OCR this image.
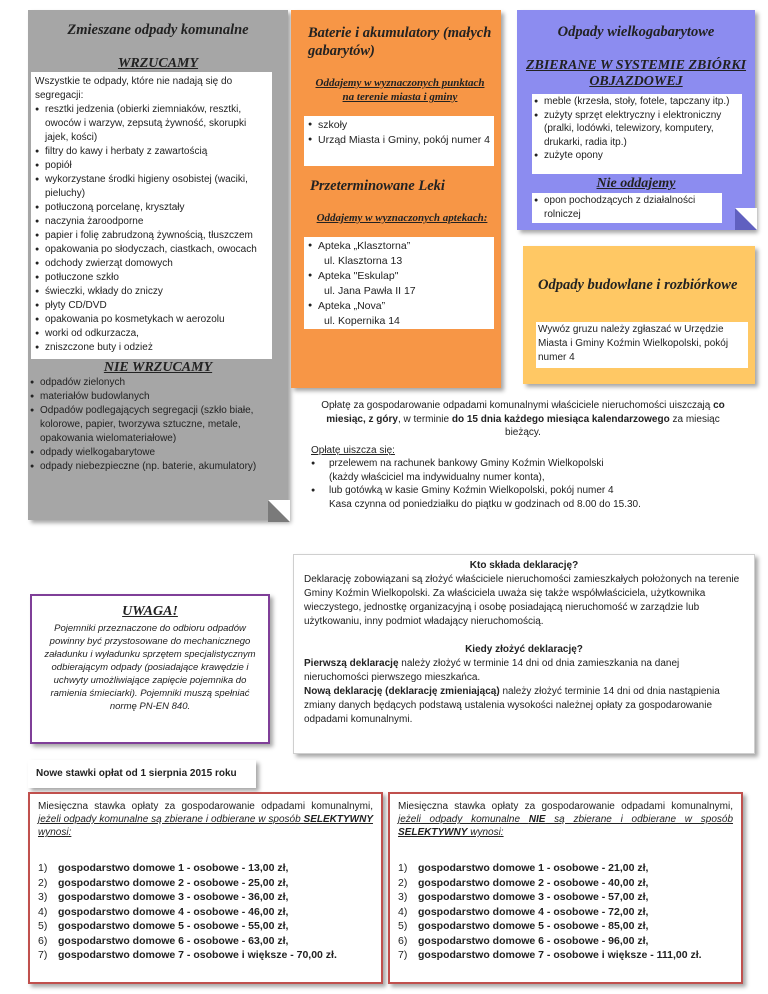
Zmieszane odpady komunalne
WRZUCAMY
Wszystkie te odpady, które nie nadają się do segregacji:
● resztki jedzenia (obierki ziemniaków, resztki, owoców i warzyw, zepsutą żywność, skorupki jajek, kości)
● filtry do kawy i herbaty z zawartością
● popiół
● wykorzystane środki higieny osobistej (waciki, pieluchy)
● potłuczoną porcelanę, kryształy
● naczynia żaroodporne
● papier i folię zabrudzoną żywnością, tłuszczem
● opakowania po słodyczach, ciastkach, owocach
● odchody zwierząt domowych
● potłuczone szkło
● świeczki, wkłady do zniczy
● płyty CD/DVD
● opakowania po kosmetykach w aerozolu
● worki od odkurzacza,
● zniszczone buty i odzież
NIE WRZUCAMY
● odpadów zielonych
● materiałów budowlanych
● Odpadów podlegających segregacji (szkło białe, kolorowe, papier, tworzywa sztuczne, metale, opakowania wielomateriałowe)
● odpady wielkogabarytowe
● odpady niebezpieczne (np. baterie, akumulatory)
Baterie i akumulatory (małych gabarytów)
Oddajemy w wyznaczonych punktach na terenie miasta i gminy
● szkoły
● Urząd Miasta i Gminy, pokój numer 4
Przeterminowane Leki
Oddajemy w wyznaczonych aptekach:
● Apteka „Klasztorna”
ul. Klasztorna 13
● Apteka "Eskulap"
ul. Jana Pawła II 17
● Apteka „Nova”
ul. Kopernika 14
Odpady wielkogabarytowe
ZBIERANE W SYSTEMIE ZBIÓRKI OBJAZDOWEJ
● meble (krzesła, stoły, fotele, tapczany itp.)
● zużyty sprzęt elektryczny i elektroniczny (pralki, lodówki, telewizory, komputery, drukarki, radia itp.)
● zużyte opony
Nie oddajemy
● opon pochodzących z działalności rolniczej
Odpady budowlane i rozbiórkowe
Wywóz gruzu należy zgłaszać w Urzędzie Miasta i Gminy Koźmin Wielkopolski, pokój numer 4
Opłatę za gospodarowanie odpadami komunalnymi właściciele nieruchomości uiszczają co miesiąc, z góry, w terminie do 15 dnia każdego miesiąca kalendarzowego za miesiąc bieżący.
Opłatę uiszcza się:
● przelewem na rachunek bankowy Gminy Koźmin Wielkopolski
(każdy właściciel ma indywidualny numer konta),
● lub gotówką w kasie Gminy Koźmin Wielkopolski, pokój numer 4
Kasa czynna od poniedziałku do piątku w godzinach od 8.00 do 15.30.
Kto składa deklarację?
Deklarację zobowiązani są złożyć właściciele nieruchomości zamieszkałych położonych na terenie Gminy Koźmin Wielkopolski. Za właściciela uważa się także współwłaściciela, użytkownika wieczystego, jednostkę organizacyjną i osobę posiadającą nieruchomość w zarządzie lub użytkowaniu, inny podmiot władający nieruchomością.
Kiedy złożyć deklarację?
Pierwszą deklarację należy złożyć w terminie 14 dni od dnia zamieszkania na danej nieruchomości pierwszego mieszkańca.
Nową deklarację (deklarację zmieniającą) należy złożyć terminie 14 dni od dnia nastąpienia zmiany danych będących podstawą ustalenia wysokości należnej opłaty za gospodarowanie odpadami komunalnymi.
UWAGA!
Pojemniki przeznaczone do odbioru odpadów powinny być przystosowane do mechanicznego załadunku i wyładunku sprzętem specjalistycznym odbierającym odpady (posiadające krawędzie i uchwyty umożliwiające zapięcie pojemnika do ramienia śmieciarki). Pojemniki muszą spełniać normę PN-EN 840.
Nowe stawki opłat od 1 sierpnia 2015 roku
Miesięczna stawka opłaty za gospodarowanie odpadami komunalnymi, jeżeli odpady komunalne są zbierane i odbierane w sposób SELEKTYWNY wynosi:
1)	gospodarstwo domowe 1 - osobowe - 13,00 zł,
2)	gospodarstwo domowe 2 - osobowe - 25,00 zł,
3)	gospodarstwo domowe 3 - osobowe - 36,00 zł,
4)	gospodarstwo domowe 4 - osobowe - 46,00 zł,
5)	gospodarstwo domowe 5 - osobowe - 55,00 zł,
6)	gospodarstwo domowe 6 - osobowe - 63,00 zł,
7)	gospodarstwo domowe 7 - osobowe i większe - 70,00 zł.
Miesięczna stawka opłaty za gospodarowanie odpadami komunalnymi, jeżeli odpady komunalne NIE są zbierane i odbierane w sposób SELEKTYWNY wynosi:
1)	gospodarstwo domowe 1 - osobowe - 21,00 zł,
2)	gospodarstwo domowe 2 - osobowe - 40,00 zł,
3)	gospodarstwo domowe 3 - osobowe - 57,00 zł,
4)	gospodarstwo domowe 4 - osobowe - 72,00 zł,
5)	gospodarstwo domowe 5 - osobowe - 85,00 zł,
6)	gospodarstwo domowe 6 - osobowe - 96,00 zł,
7)	gospodarstwo domowe 7 - osobowe i większe - 111,00 zł.
